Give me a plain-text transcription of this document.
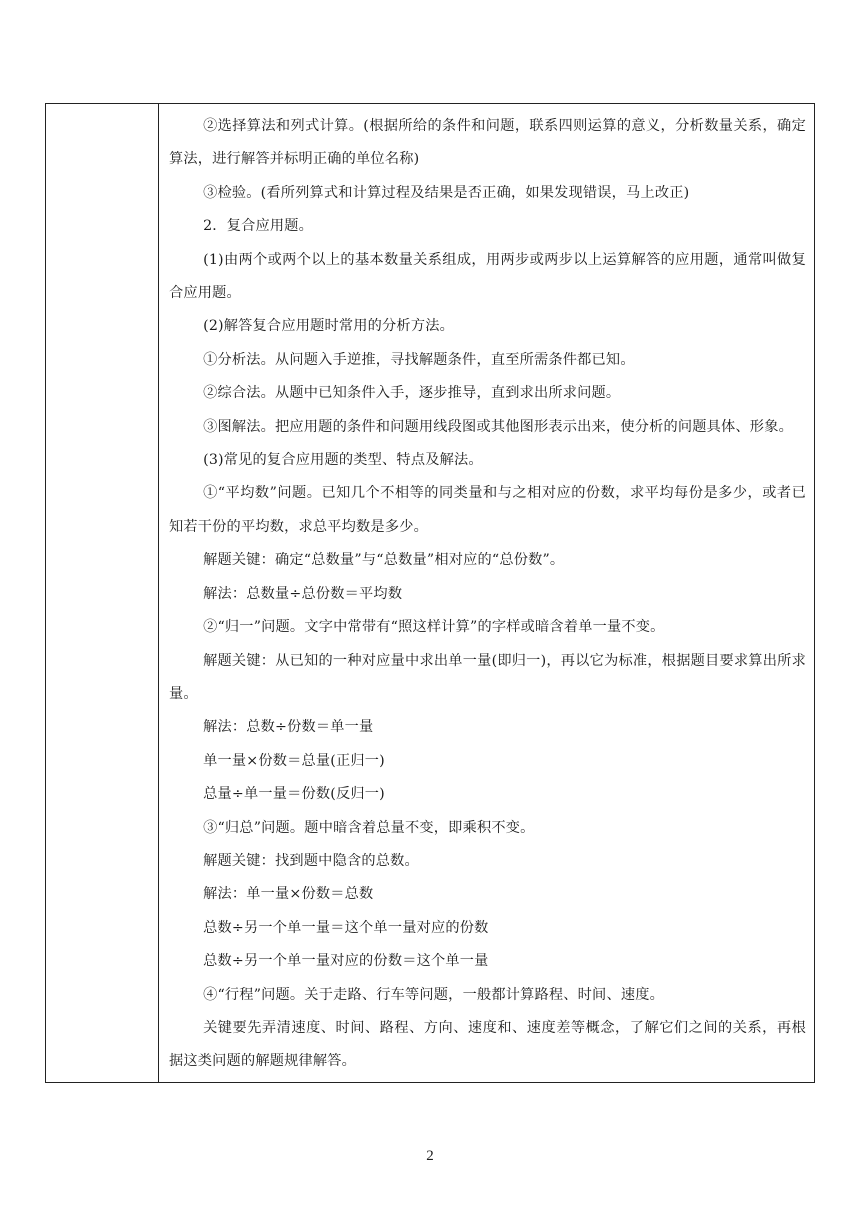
②选择算法和列式计算。(根据所给的条件和问题，联系四则运算的意义，分析数量关系，确定算法，进行解答并标明正确的单位名称)

③检验。(看所列算式和计算过程及结果是否正确，如果发现错误，马上改正)

2．复合应用题。

(1)由两个或两个以上的基本数量关系组成，用两步或两步以上运算解答的应用题，通常叫做复合应用题。

(2)解答复合应用题时常用的分析方法。

①分析法。从问题入手逆推，寻找解题条件，直至所需条件都已知。

②综合法。从题中已知条件入手，逐步推导，直到求出所求问题。

③图解法。把应用题的条件和问题用线段图或其他图形表示出来，使分析的问题具体、形象。

(3)常见的复合应用题的类型、特点及解法。

①“平均数”问题。已知几个不相等的同类量和与之相对应的份数，求平均每份是多少，或者已知若干份的平均数，求总平均数是多少。

解题关键：确定“总数量”与“总数量”相对应的“总份数”。

解法：总数量÷总份数＝平均数

②“归一”问题。文字中常带有“照这样计算”的字样或暗含着单一量不变。

解题关键：从已知的一种对应量中求出单一量(即归一)，再以它为标准，根据题目要求算出所求量。

解法：总数÷份数＝单一量

单一量×份数＝总量(正归一)

总量÷单一量＝份数(反归一)

③“归总”问题。题中暗含着总量不变，即乘积不变。

解题关键：找到题中隐含的总数。

解法：单一量×份数＝总数

总数÷另一个单一量＝这个单一量对应的份数

总数÷另一个单一量对应的份数＝这个单一量

④“行程”问题。关于走路、行车等问题，一般都计算路程、时间、速度。

关键要先弄清速度、时间、路程、方向、速度和、速度差等概念，了解它们之间的关系，再根据这类问题的解题规律解答。

2
